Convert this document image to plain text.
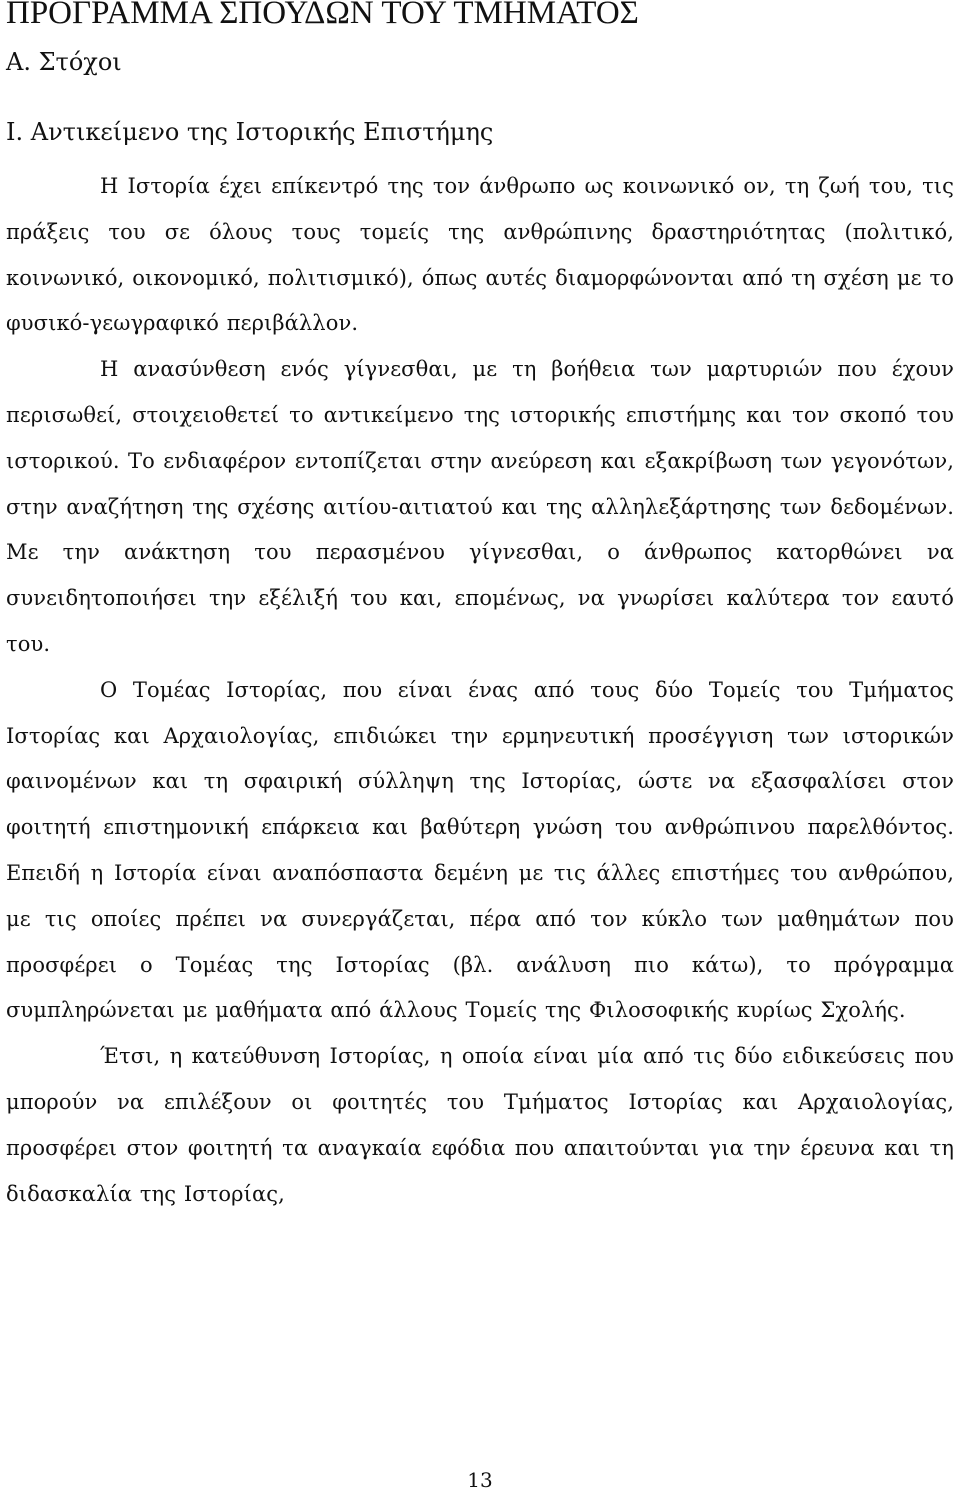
ΠΡΟΓΡΑΜΜΑ ΣΠΟΥΔΩΝ ΤΟΥ ΤΜΗΜΑΤΟΣ
Α. Στόχοι
Ι. Αντικείμενο της Ιστορικής Επιστήμης

Η Ιστορία έχει επίκεντρό της τον άνθρωπο ως κοινωνικό ον, τη ζωή του, τις πράξεις του σε όλους τους τομείς της ανθρώπινης δραστηριότητας (πολιτικό, κοινωνικό, οικονομικό, πολιτισμικό), όπως αυτές διαμορφώνονται από τη σχέση με το φυσικό-γεωγραφικό περιβάλλον.

Η ανασύνθεση ενός γίγνεσθαι, με τη βοήθεια των μαρτυριών που έχουν περισωθεί, στοιχειοθετεί το αντικείμενο της ιστορικής επιστήμης και τον σκοπό του ιστορικού. Το ενδιαφέρον εντοπίζεται στην ανεύρεση και εξακρίβωση των γεγονότων, στην αναζήτηση της σχέσης αιτίου-αιτιατού και της αλληλεξάρτησης των δεδομένων. Με την ανάκτηση του περασμένου γίγνεσθαι, ο άνθρωπος κατορθώνει να συνειδητοποιήσει την εξέλιξή του και, επομένως, να γνωρίσει καλύτερα τον εαυτό του.

Ο Τομέας Ιστορίας, που είναι ένας από τους δύο Τομείς του Τμήματος Ιστορίας και Αρχαιολογίας, επιδιώκει την ερμηνευτική προσέγγιση των ιστορικών φαινομένων και τη σφαιρική σύλληψη της Ιστορίας, ώστε να εξασφαλίσει στον φοιτητή επιστημονική επάρκεια και βαθύτερη γνώση του ανθρώπινου παρελθόντος. Επειδή η Ιστορία είναι αναπόσπαστα δεμένη με τις άλλες επιστήμες του ανθρώπου, με τις οποίες πρέπει να συνεργάζεται, πέρα από τον κύκλο των μαθημάτων που προσφέρει ο Τομέας της Ιστορίας (βλ. ανάλυση πιο κάτω), το πρόγραμμα συμπληρώνεται με μαθήματα από άλλους Τομείς της Φιλοσοφικής κυρίως Σχολής.

Έτσι, η κατεύθυνση Ιστορίας, η οποία είναι μία από τις δύο ειδικεύσεις που μπορούν να επιλέξουν οι φοιτητές του Τμήματος Ιστορίας και Αρχαιολογίας, προσφέρει στον φοιτητή τα αναγκαία εφόδια που απαιτούνται για την έρευνα και τη διδασκαλία της Ιστορίας,

13
